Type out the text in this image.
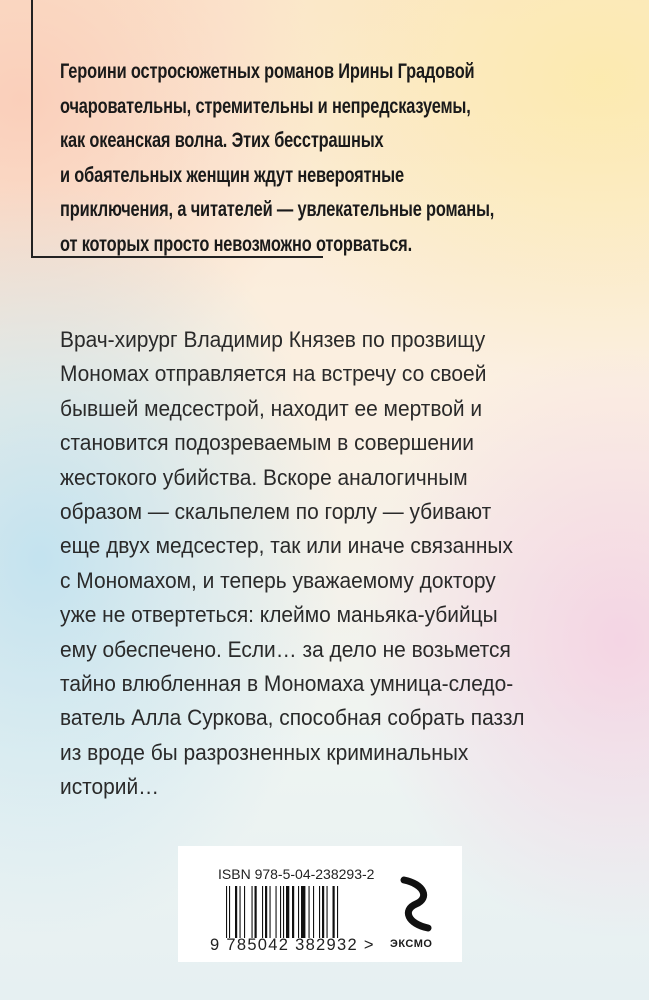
Героини остросюжетных романов Ирины Градовой
очаровательны, стремительны и непредсказуемы,
как океанская волна. Этих бесстрашных
и обаятельных женщин ждут невероятные
приключения, а читателей — увлекательные романы,
от которых просто невозможно оторваться.
Врач-хирург Владимир Князев по прозвищу
Мономах отправляется на встречу со своей
бывшей медсестрой, находит ее мертвой и
становится подозреваемым в совершении
жестокого убийства. Вскоре аналогичным
образом — скальпелем по горлу — убивают
еще двух медсестер, так или иначе связанных
с Мономахом, и теперь уважаемому доктору
уже не отвертеться: клеймо маньяка-убийцы
ему обеспечено. Если… за дело не возьмется
тайно влюбленная в Мономаха умница-следо-
ватель Алла Суркова, способная собрать паззл
из вроде бы разрозненных криминальных
историй…
ISBN 978-5-04-238293-2
9 785042 382932 > ЭКСМО
